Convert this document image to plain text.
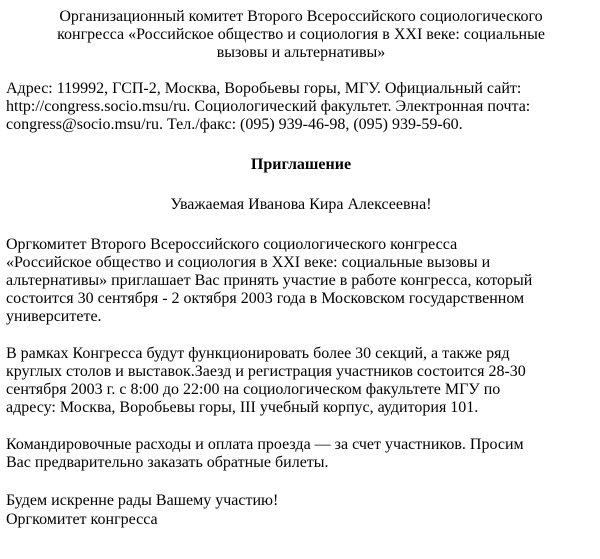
Организационный комитет Второго Всероссийского социологического
конгресса «Российское общество и социология в XXI веке: социальные
вызовы и альтернативы»
Адрес: 119992, ГСП-2, Москва, Воробьевы горы, МГУ. Официальный сайт:
http://congress.socio.msu/ru. Социологический факультет. Электронная почта:
congress@socio.msu/ru. Тел./факс: (095) 939-46-98, (095) 939-59-60.
Приглашение
Уважаемая Иванова Кира Алексеевна!
Оргкомитет Второго Всероссийского социологического конгресса
«Российское общество и социология в XXI веке: социальные вызовы и
альтернативы» приглашает Вас принять участие в работе конгресса, который
состоится 30 сентября - 2 октября 2003 года в Московском государственном
университете.
В рамках Конгресса будут функционировать более 30 секций, а также ряд
круглых столов и выставок.Заезд и регистрация участников состоится 28-30
сентября 2003 г. с 8:00 до 22:00 на социологическом факультете МГУ по
адресу: Москва, Воробьевы горы, III учебный корпус, аудитория 101.
Командировочные расходы и оплата проезда — за счет участников. Просим
Вас предварительно заказать обратные билеты.
Будем искренне рады Вашему участию!
Оргкомитет конгресса
